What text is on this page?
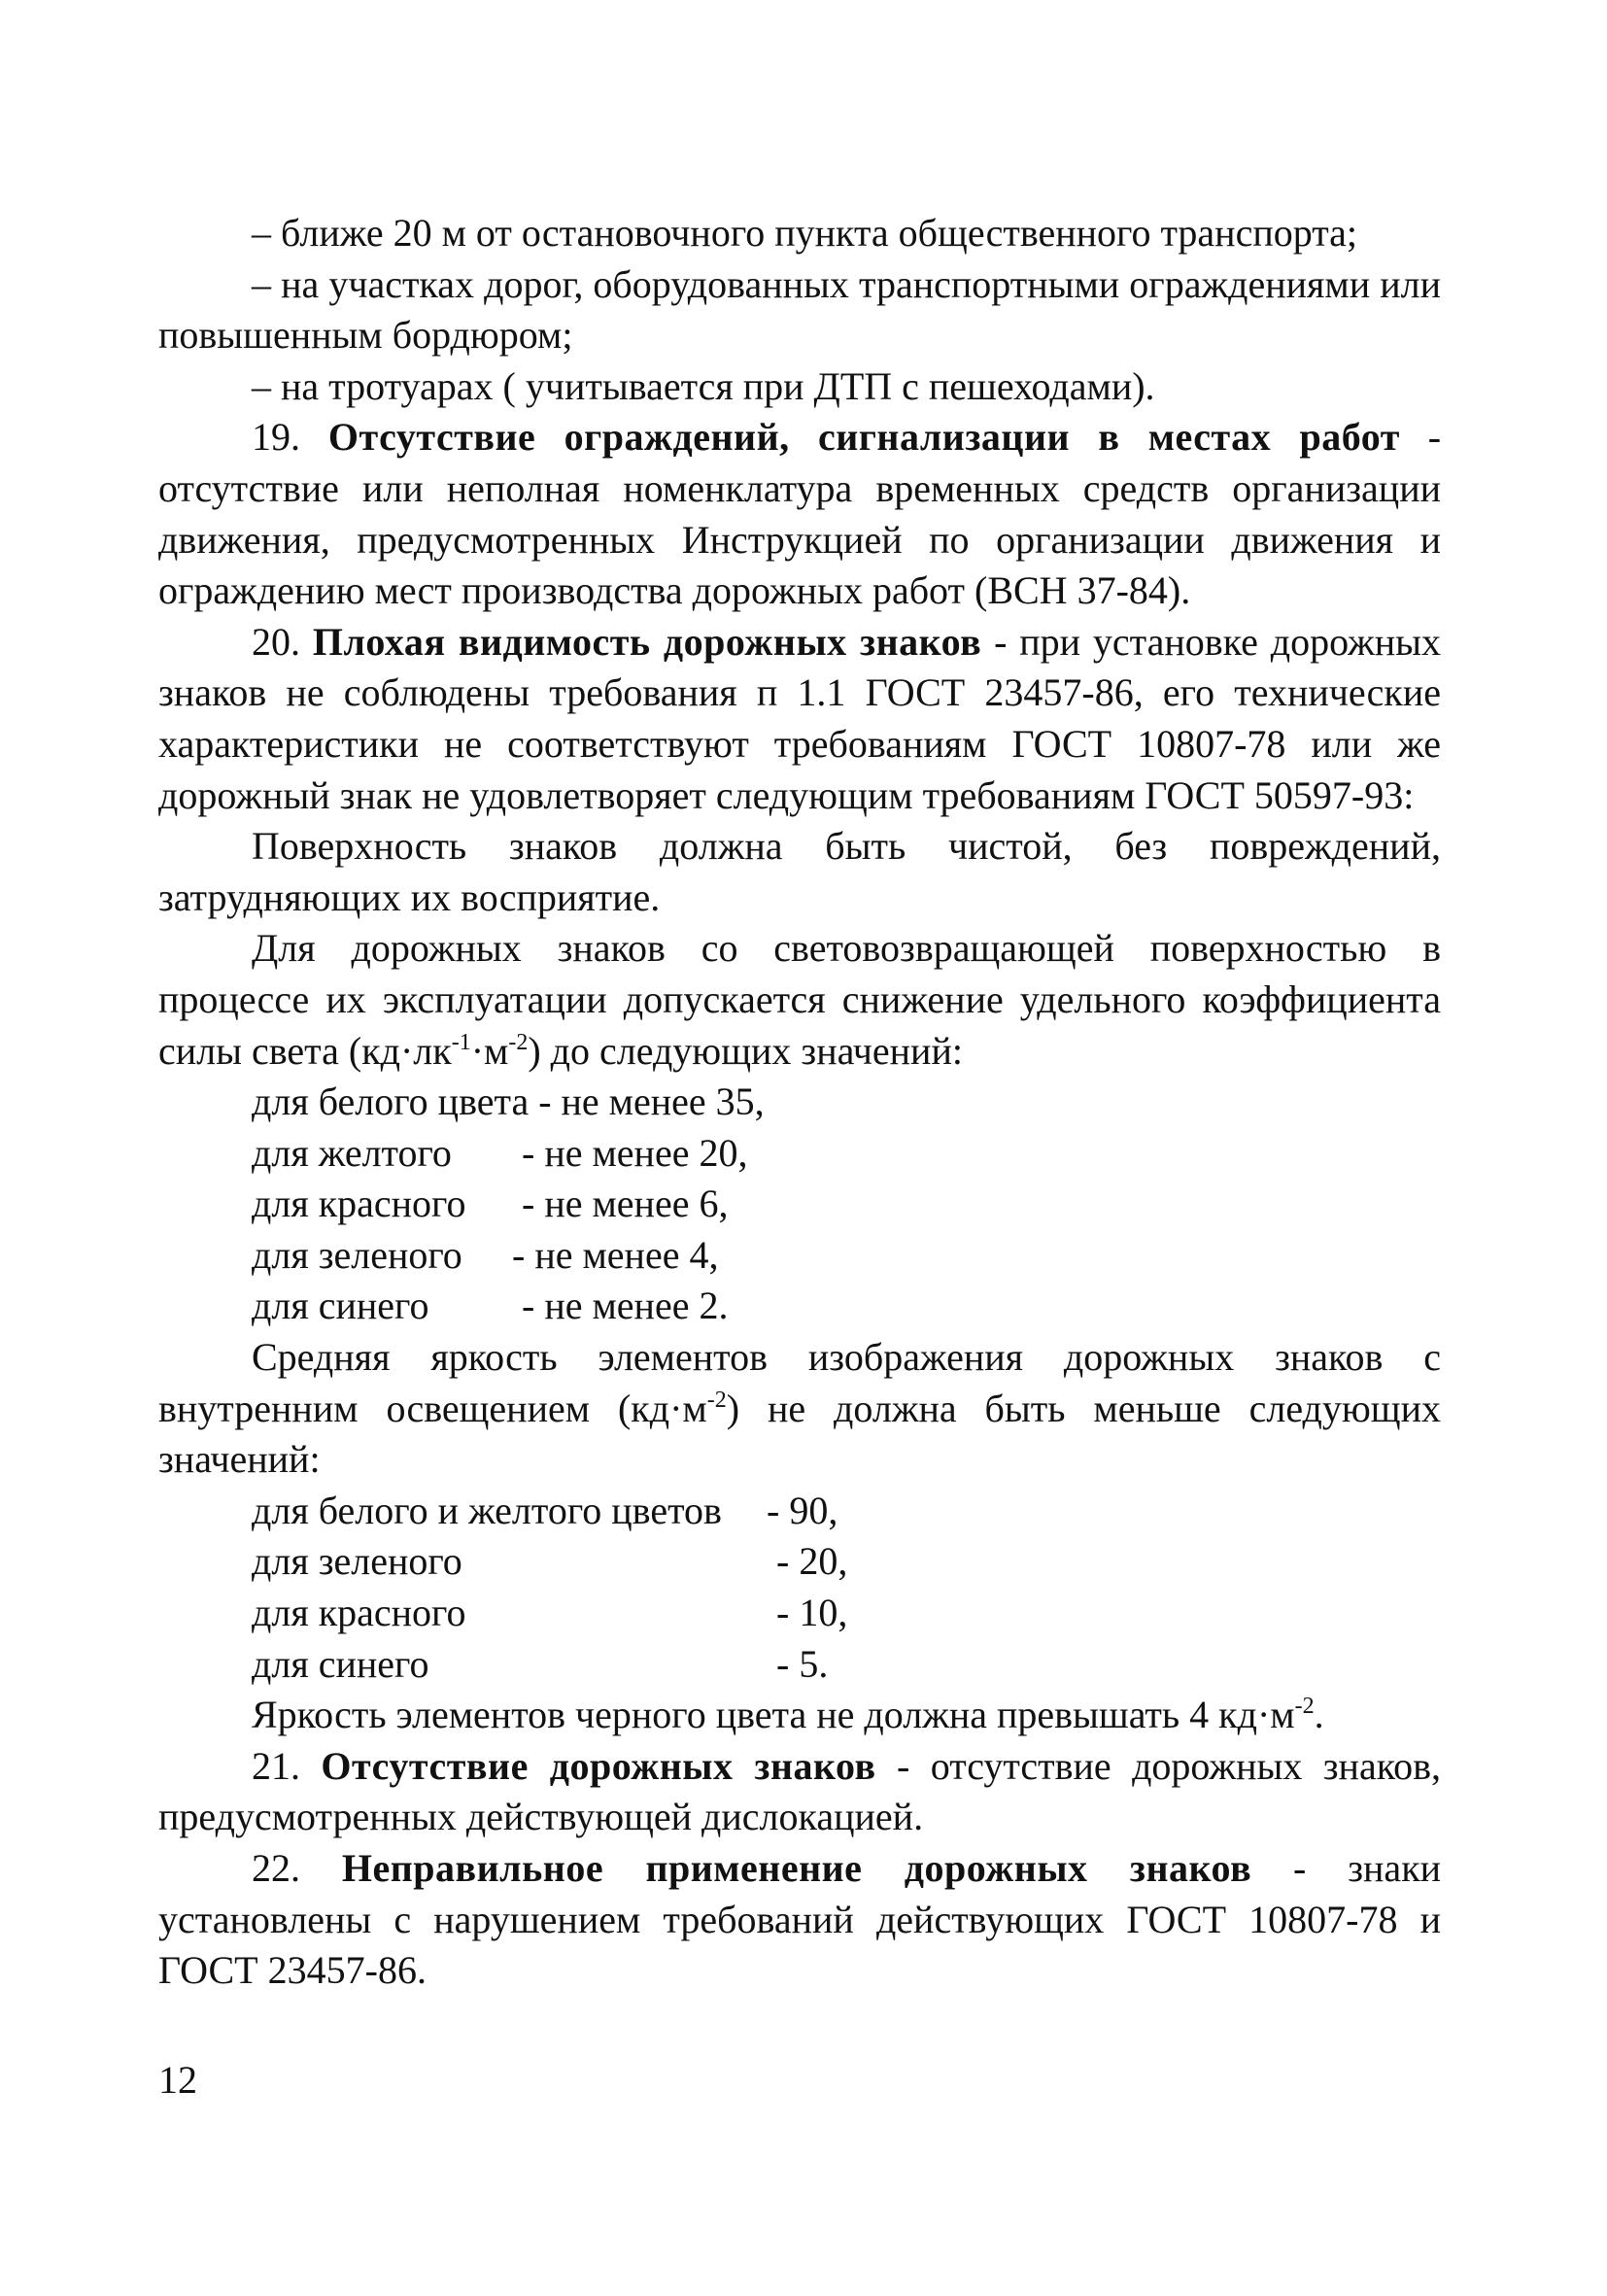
– ближе 20 м от остановочного пункта общественного транспорта;

– на участках дорог, оборудованных транспортными ограждениями или повышенным бордюром;

– на тротуарах ( учитывается при ДТП с пешеходами).

19. Отсутствие ограждений, сигнализации в местах работ - отсутствие или неполная номенклатура временных средств организации движения, предусмотренных Инструкцией по организации движения и ограждению мест производства дорожных работ (ВСН 37-84).

20. Плохая видимость дорожных знаков - при установке дорожных знаков не соблюдены требования п 1.1 ГОСТ 23457-86, его технические характеристики не соответствуют требованиям ГОСТ 10807-78 или же дорожный знак не удовлетворяет следующим требованиям ГОСТ 50597-93:

Поверхность знаков должна быть чистой, без повреждений, затрудняющих их восприятие.

Для дорожных знаков со световозвращающей поверхностью в процессе их эксплуатации допускается снижение удельного коэффициента силы света $(кд\cdot лк^{-1}\cdot м^{-2})$ до следующих значений:

для белого цвета - не менее 35,
для желтого - не менее 20,
для красного - не менее 6,
для зеленого - не менее 4,
для синего - не менее 2.

Средняя яркость элементов изображения дорожных знаков с внутренним освещением $(кд\cdot м^{-2})$ не должна быть меньше следующих значений:

для белого и желтого цветов - 90,
для зеленого	- 20,
для красного	- 10,
для синего	- 5.

Яркость элементов черного цвета не должна превышать 4 $кд\cdot м^{-2}$.

21. Отсутствие дорожных знаков - отсутствие дорожных знаков, предусмотренных действующей дислокацией.

22. Неправильное применение дорожных знаков - знаки установлены с нарушением требований действующих ГОСТ 10807-78 и ГОСТ 23457-86.

12
